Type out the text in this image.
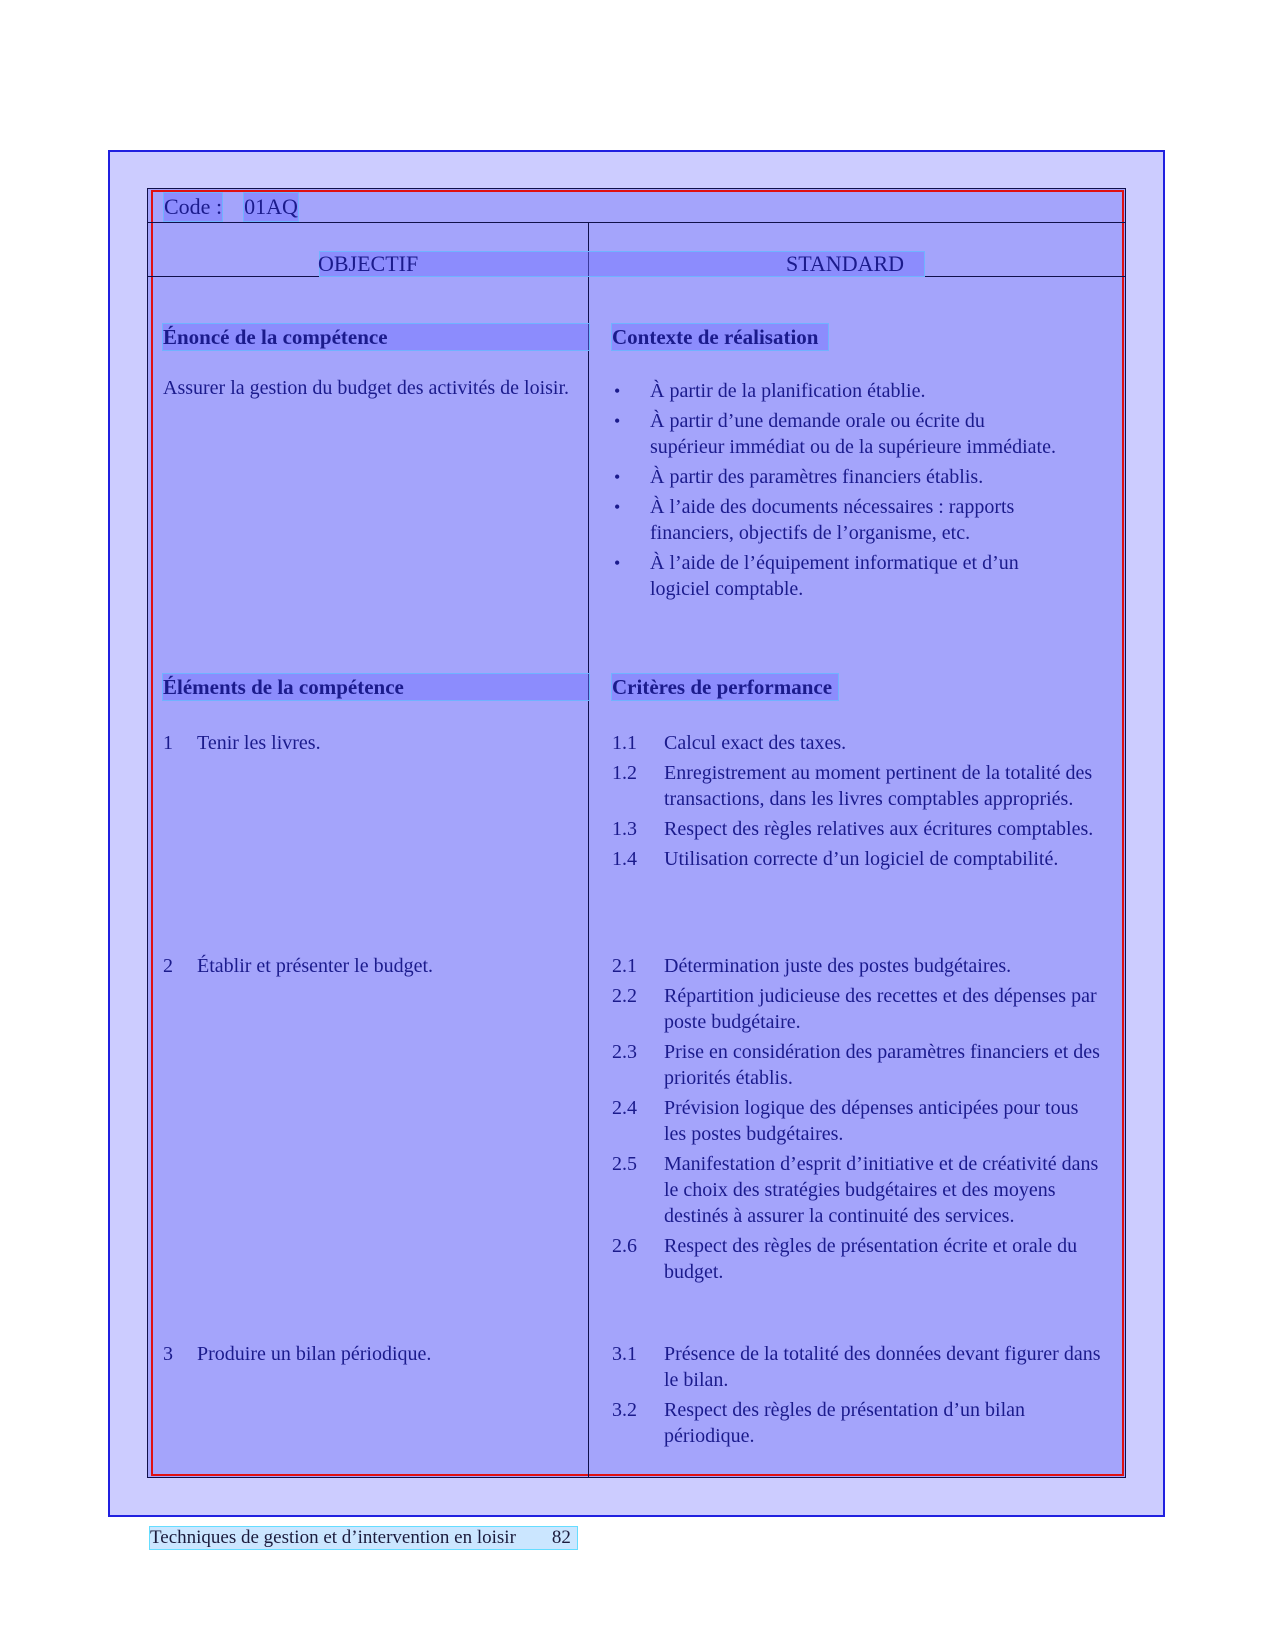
Code : 01AQ
OBJECTIF	STANDARD
Énoncé de la compétence
Assurer la gestion du budget des activités de loisir.
Contexte de réalisation
• À partir de la planification établie.
• À partir d’une demande orale ou écrite du supérieur immédiat ou de la supérieure immédiate.
• À partir des paramètres financiers établis.
• À l’aide des documents nécessaires : rapports financiers, objectifs de l’organisme, etc.
• À l’aide de l’équipement informatique et d’un logiciel comptable.
Éléments de la compétence
1 Tenir les livres.
2 Établir et présenter le budget.
3 Produire un bilan périodique.
Critères de performance
1.1 Calcul exact des taxes.
1.2 Enregistrement au moment pertinent de la totalité des transactions, dans les livres comptables appropriés.
1.3 Respect des règles relatives aux écritures comptables.
1.4 Utilisation correcte d’un logiciel de comptabilité.
2.1 Détermination juste des postes budgétaires.
2.2 Répartition judicieuse des recettes et des dépenses par poste budgétaire.
2.3 Prise en considération des paramètres financiers et des priorités établis.
2.4 Prévision logique des dépenses anticipées pour tous les postes budgétaires.
2.5 Manifestation d’esprit d’initiative et de créativité dans le choix des stratégies budgétaires et des moyens destinés à assurer la continuité des services.
2.6 Respect des règles de présentation écrite et orale du budget.
3.1 Présence de la totalité des données devant figurer dans le bilan.
3.2 Respect des règles de présentation d’un bilan périodique.
Techniques de gestion et d’intervention en loisir 82
